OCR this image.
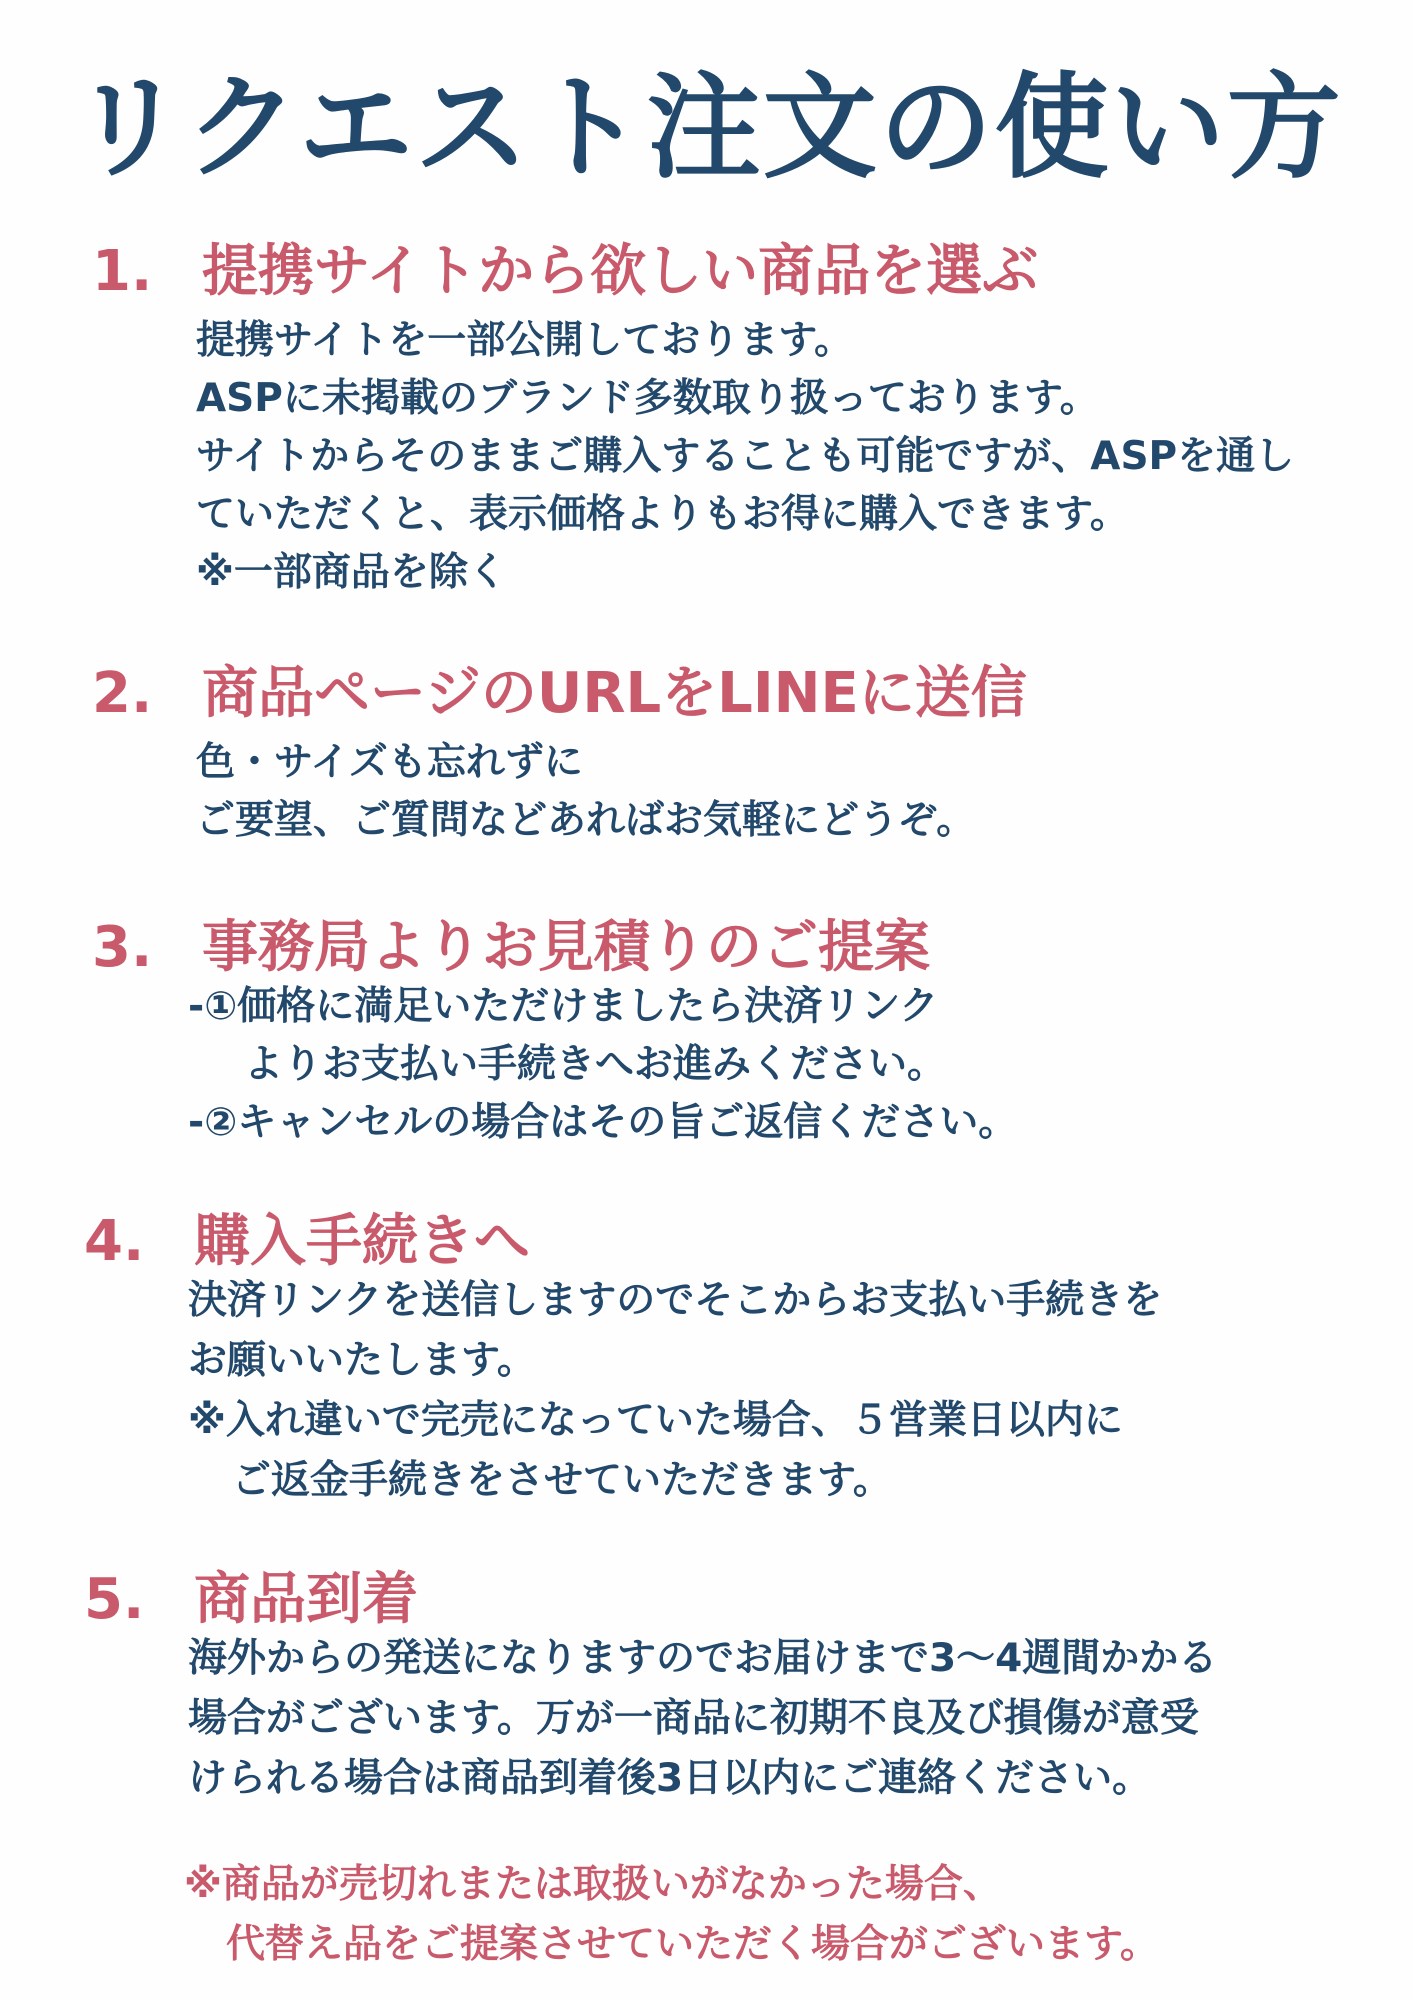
リクエスト注文の使い方
1. 提携サイトから欲しい商品を選ぶ
提携サイトを一部公開しております。
ASPに未掲載のブランド多数取り扱っております。
サイトからそのままご購入することも可能ですが、ASPを通し
ていただくと、表示価格よりもお得に購入できます。
※一部商品を除く
2. 商品ページのURLをLINEに送信
色・サイズも忘れずに
ご要望、ご質問などあればお気軽にどうぞ。
3. 事務局よりお見積りのご提案
-①価格に満足いただけましたら決済リンク
よりお支払い手続きへお進みください。
-②キャンセルの場合はその旨ご返信ください。
4. 購入手続きへ
決済リンクを送信しますのでそこからお支払い手続きを
お願いいたします。
※入れ違いで完売になっていた場合、５営業日以内に
ご返金手続きをさせていただきます。
5. 商品到着
海外からの発送になりますのでお届けまで3〜4週間かかる
場合がございます。万が一商品に初期不良及び損傷が意受
けられる場合は商品到着後3日以内にご連絡ください。
※商品が売切れまたは取扱いがなかった場合、
代替え品をご提案させていただく場合がございます。
